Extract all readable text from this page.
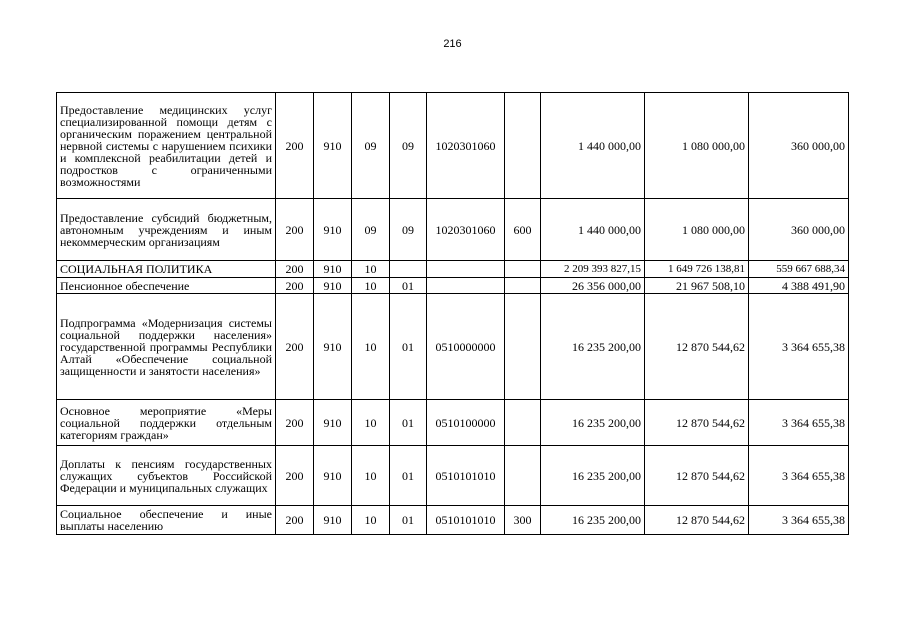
216
Предоставление медицинских услуг специализированной помощи детям с органическим поражением центральной нервной системы с нарушением психики и комплексной реабилитации детей и подростков с ограниченными возможностями	200	910	09	09	1020301060		1 440 000,00	1 080 000,00	360 000,00
Предоставление субсидий бюджетным, автономным учреждениям и иным некоммерческим организациям	200	910	09	09	1020301060	600	1 440 000,00	1 080 000,00	360 000,00
СОЦИАЛЬНАЯ ПОЛИТИКА	200	910	10				2 209 393 827,15	1 649 726 138,81	559 667 688,34
Пенсионное обеспечение	200	910	10	01			26 356 000,00	21 967 508,10	4 388 491,90
Подпрограмма «Модернизация системы социальной поддержки населения» государственной программы Республики Алтай «Обеспечение социальной защищенности и занятости населения»	200	910	10	01	0510000000		16 235 200,00	12 870 544,62	3 364 655,38
Основное мероприятие «Меры социальной поддержки отдельным категориям граждан»	200	910	10	01	0510100000		16 235 200,00	12 870 544,62	3 364 655,38
Доплаты к пенсиям государственных служащих субъектов Российской Федерации и муниципальных служащих	200	910	10	01	0510101010		16 235 200,00	12 870 544,62	3 364 655,38
Социальное обеспечение и иные выплаты населению	200	910	10	01	0510101010	300	16 235 200,00	12 870 544,62	3 364 655,38
